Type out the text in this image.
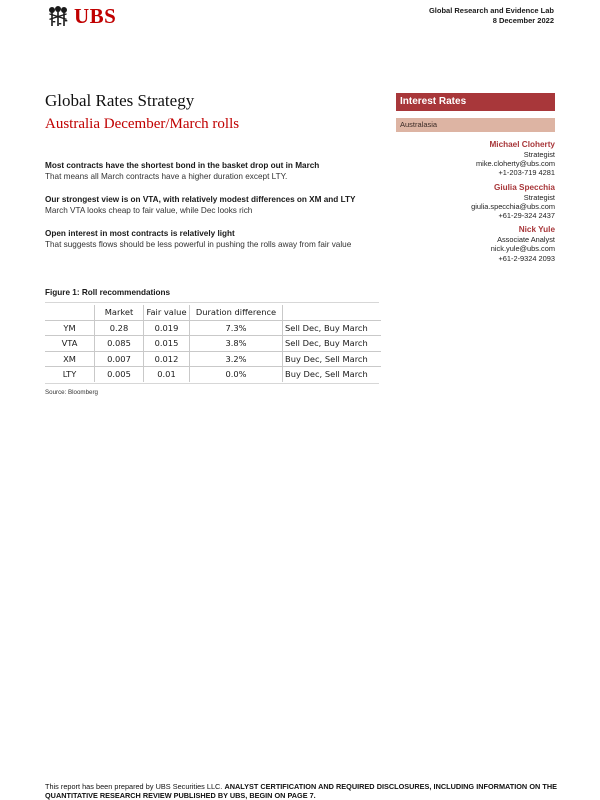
UBS	Global Research and Evidence Lab
8 December 2022
Global Rates Strategy
Australia December/March rolls
Most contracts have the shortest bond in the basket drop out in March
That means all March contracts have a higher duration except LTY.
Our strongest view is on VTA, with relatively modest differences on XM and LTY
March VTA looks cheap to fair value, while Dec looks rich
Open interest in most contracts is relatively light
That suggests flows should be less powerful in pushing the rolls away from fair value
Interest Rates
Australasia
Michael Cloherty
Strategist
mike.cloherty@ubs.com
+1-203-719 4281
Giulia Specchia
Strategist
giulia.specchia@ubs.com
+61-29-324 2437
Nick Yule
Associate Analyst
nick.yule@ubs.com
+61-2-9324 2093
Figure 1: Roll recommendations
	Market	Fair value	Duration difference	
YM	0.28	0.019	7.3%	Sell Dec, Buy March
VTA	0.085	0.015	3.8%	Sell Dec, Buy March
XM	0.007	0.012	3.2%	Buy Dec, Sell March
LTY	0.005	0.01	0.0%	Buy Dec, Sell March
Source: Bloomberg
This report has been prepared by UBS Securities LLC. ANALYST CERTIFICATION AND REQUIRED DISCLOSURES, INCLUDING INFORMATION ON THE QUANTITATIVE RESEARCH REVIEW PUBLISHED BY UBS, BEGIN ON PAGE 7.
